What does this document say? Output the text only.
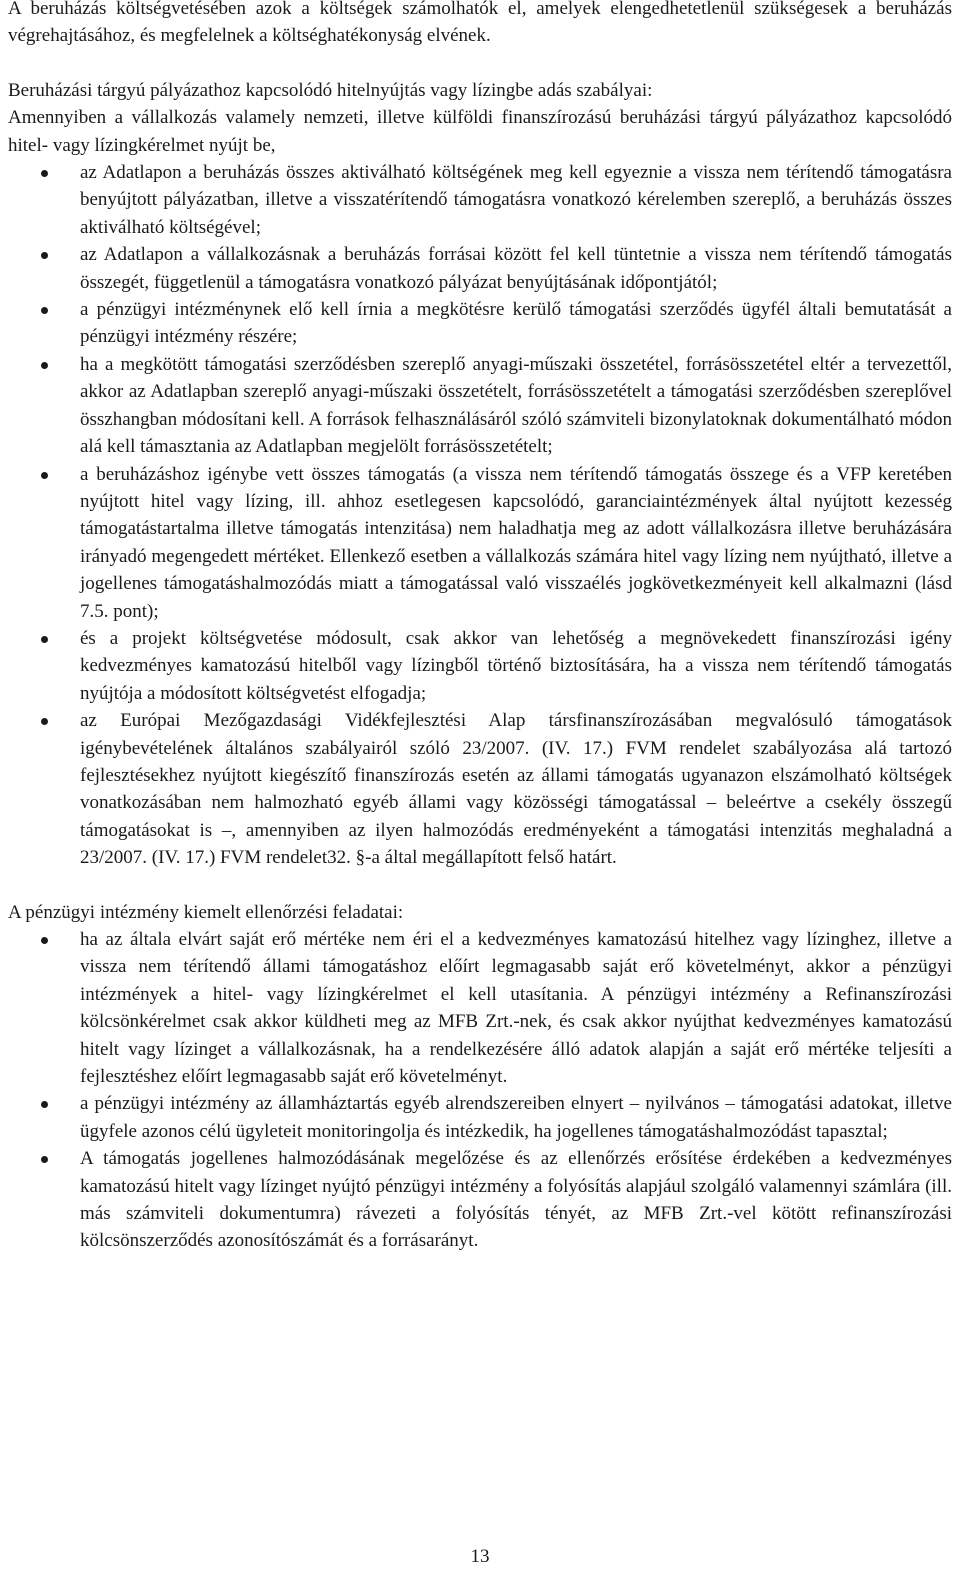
A beruházás költségvetésében azok a költségek számolhatók el, amelyek elengedhetetlenül szükségesek a beruházás végrehajtásához, és megfelelnek a költséghatékonyság elvének.

Beruházási tárgyú pályázathoz kapcsolódó hitelnyújtás vagy lízingbe adás szabályai:

Amennyiben a vállalkozás valamely nemzeti, illetve külföldi finanszírozású beruházási tárgyú pályázathoz kapcsolódó hitel- vagy lízingkérelmet nyújt be,

az Adatlapon a beruházás összes aktiválható költségének meg kell egyeznie a vissza nem térítendő támogatásra benyújtott pályázatban, illetve a visszatérítendő támogatásra vonatkozó kérelemben szereplő, a beruházás összes aktiválható költségével;
az Adatlapon a vállalkozásnak a beruházás forrásai között fel kell tüntetnie a vissza nem térítendő támogatás összegét, függetlenül a támogatásra vonatkozó pályázat benyújtásának időpontjától;
a pénzügyi intézménynek elő kell írnia a megkötésre kerülő támogatási szerződés ügyfél általi bemutatását a pénzügyi intézmény részére;
ha a megkötött támogatási szerződésben szereplő anyagi-műszaki összetétel, forrásösszetétel eltér a tervezettől, akkor az Adatlapban szereplő anyagi-műszaki összetételt, forrásösszetételt a támogatási szerződésben szereplővel összhangban módosítani kell. A források felhasználásáról szóló számviteli bizonylatoknak dokumentálható módon alá kell támasztania az Adatlapban megjelölt forrásösszetételt;
a beruházáshoz igénybe vett összes támogatás (a vissza nem térítendő támogatás összege és a VFP keretében nyújtott hitel vagy lízing, ill. ahhoz esetlegesen kapcsolódó, garanciaintézmények által nyújtott kezesség támogatástartalma illetve támogatás intenzitása) nem haladhatja meg az adott vállalkozásra illetve beruházására irányadó megengedett mértéket. Ellenkező esetben a vállalkozás számára hitel vagy lízing nem nyújtható, illetve a jogellenes támogatáshalmozódás miatt a támogatással való visszaélés jogkövetkezményeit kell alkalmazni (lásd 7.5. pont);
és a projekt költségvetése módosult, csak akkor van lehetőség a megnövekedett finanszírozási igény kedvezményes kamatozású hitelből vagy lízingből történő biztosítására, ha a vissza nem térítendő támogatás nyújtója a módosított költségvetést elfogadja;
az Európai Mezőgazdasági Vidékfejlesztési Alap társfinanszírozásában megvalósuló támogatások igénybevételének általános szabályairól szóló 23/2007. (IV. 17.) FVM rendelet szabályozása alá tartozó fejlesztésekhez nyújtott kiegészítő finanszírozás esetén az állami támogatás ugyanazon elszámolható költségek vonatkozásában nem halmozható egyéb állami vagy közösségi támogatással – beleértve a csekély összegű támogatásokat is –, amennyiben az ilyen halmozódás eredményeként a támogatási intenzitás meghaladná a 23/2007. (IV. 17.) FVM rendelet32. §-a által megállapított felső határt.

A pénzügyi intézmény kiemelt ellenőrzési feladatai:

ha az általa elvárt saját erő mértéke nem éri el a kedvezményes kamatozású hitelhez vagy lízinghez, illetve a vissza nem térítendő állami támogatáshoz előírt legmagasabb saját erő követelményt, akkor a pénzügyi intézmények a hitel- vagy lízingkérelmet el kell utasítania. A pénzügyi intézmény a Refinanszírozási kölcsönkérelmet csak akkor küldheti meg az MFB Zrt.-nek, és csak akkor nyújthat kedvezményes kamatozású hitelt vagy lízinget a vállalkozásnak, ha a rendelkezésére álló adatok alapján a saját erő mértéke teljesíti a fejlesztéshez előírt legmagasabb saját erő követelményt.
a pénzügyi intézmény az államháztartás egyéb alrendszereiben elnyert – nyilvános – támogatási adatokat, illetve ügyfele azonos célú ügyleteit monitoringolja és intézkedik, ha jogellenes támogatáshalmozódást tapasztal;
A támogatás jogellenes halmozódásának megelőzése és az ellenőrzés erősítése érdekében a kedvezményes kamatozású hitelt vagy lízinget nyújtó pénzügyi intézmény a folyósítás alapjául szolgáló valamennyi számlára (ill. más számviteli dokumentumra) rávezeti a folyósítás tényét, az MFB Zrt.-vel kötött refinanszírozási kölcsönszerződés azonosítószámát és a forrásarányt.
13
